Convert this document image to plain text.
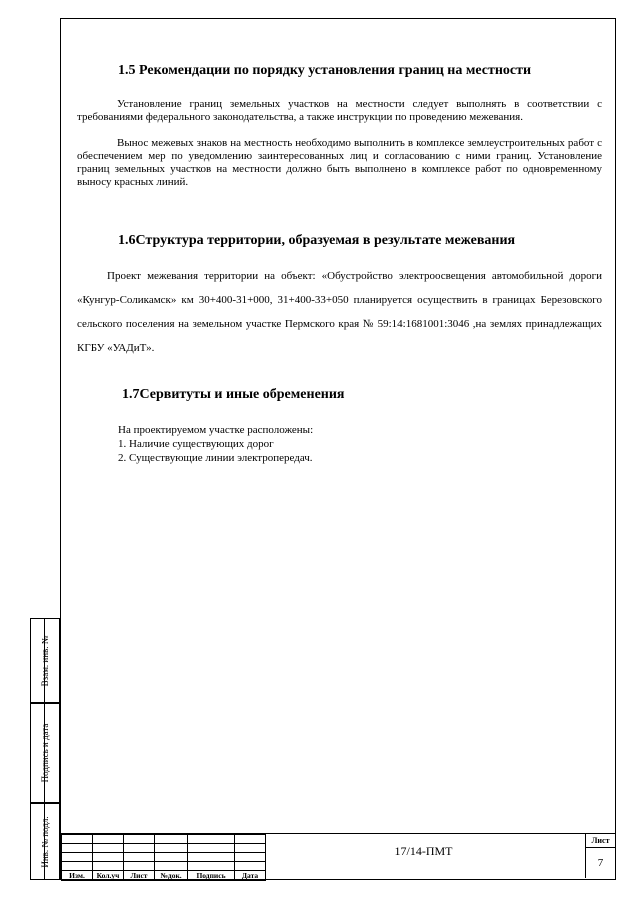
Взам. инв. №
Подпись и дата
Инв. № подл.
1.5 Рекомендации по порядку установления границ на местности

Установление границ земельных участков на местности следует выполнять в соответствии с требованиями федерального законодательства, а также инструкции по проведению межевания.

Вынос межевых знаков на местность необходимо выполнить в комплексе землеустроительных работ с обеспечением мер по уведомлению заинтересованных лиц и согласованию с ними границ. Установление границ земельных участков на местности должно быть выполнено в комплексе работ по одновременному выносу красных линий.

1.6Структура территории, образуемая в результате межевания

Проект межевания территории на объект: «Обустройство электроосвещения автомобильной дороги «Кунгур-Соликамск» км 30+400-31+000, 31+400-33+050 планируется осуществить в границах Березовского сельского поселения на земельном участке Пермского края № 59:14:1681001:3046 ,на землях принадлежащих КГБУ «УАДиТ».

1.7Сервитуты и иные обременения
На проектируемом участке расположены:
1. Наличие существующих дорог
2. Существующие линии электропередач.

Изм.	Кол.уч	Лист	№док.	Подпись	Дата
17/14-ПМТ
Лист
7
